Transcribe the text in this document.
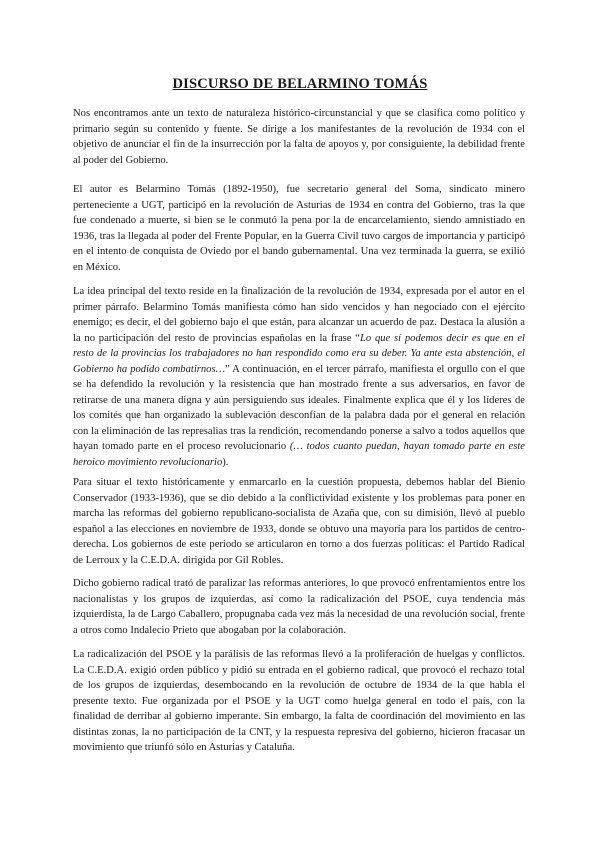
DISCURSO DE BELARMINO TOMÁS

Nos encontramos ante un texto de naturaleza histórico-circunstancial y que se clasifica como político y primario según su contenido y fuente. Se dirige a los manifestantes de la revolución de 1934 con el objetivo de anunciar el fin de la insurrección por la falta de apoyos y, por consiguiente, la debilidad frente al poder del Gobierno.

El autor es Belarmino Tomás (1892-1950), fue secretario general del Soma, sindicato minero perteneciente a UGT, participó en la revolución de Asturias de 1934 en contra del Gobierno, tras la que fue condenado a muerte, si bien se le conmutó la pena por la de encarcelamiento, siendo amnistiado en 1936, tras la llegada al poder del Frente Popular, en la Guerra Civil tuvo cargos de importancia y participó en el intento de conquista de Oviedo por el bando gubernamental. Una vez terminada la guerra, se exilió en México.

La idea principal del texto reside en la finalización de la revolución de 1934, expresada por el autor en el primer párrafo. Belarmino Tomás manifiesta cómo han sido vencidos y han negociado con el ejército enemigo; es decir, el del gobierno bajo el que están, para alcanzar un acuerdo de paz. Destaca la alusión a la no participación del resto de provincias españolas en la frase “Lo que sí podemos decir es que en el resto de la provincias los trabajadores no han respondido como era su deber. Ya ante esta abstención, el Gobierno ha podido combatirnos…” A continuación, en el tercer párrafo, manifiesta el orgullo con el que se ha defendido la revolución y la resistencia que han mostrado frente a sus adversarios, en favor de retirarse de una manera digna y aún persiguiendo sus ideales. Finalmente explica que él y los líderes de los comités que han organizado la sublevación desconfían de la palabra dada por el general en relación con la eliminación de las represalias tras la rendición, recomendando ponerse a salvo a todos aquellos que hayan tomado parte en el proceso revolucionario (… todos cuanto puedan, hayan tomado parte en este heroico movimiento revolucionario).

Para situar el texto históricamente y enmarcarlo en la cuestión propuesta, debemos hablar del Bienio Conservador (1933-1936), que se dio debido a la conflictividad existente y los problemas para poner en marcha las reformas del gobierno republicano-socialista de Azaña que, con su dimisión, llevó al pueblo español a las elecciones en noviembre de 1933, donde se obtuvo una mayoría para los partidos de centro-derecha. Los gobiernos de este periodo se articularon en torno a dos fuerzas políticas: el Partido Radical de Lerroux y la C.E.D.A. dirigida por Gil Robles.

Dicho gobierno radical trató de paralizar las reformas anteriores, lo que provocó enfrentamientos entre los nacionalistas y los grupos de izquierdas, así como la radicalización del PSOE, cuya tendencia más izquierdista, la de Largo Caballero, propugnaba cada vez más la necesidad de una revolución social, frente a otros como Indalecio Prieto que abogaban por la colaboración.

La radicalización del PSOE y la parálisis de las reformas llevó a la proliferación de huelgas y conflictos. La C.E.D.A. exigió orden público y pidió su entrada en el gobierno radical, que provocó el rechazo total de los grupos de izquierdas, desembocando en la revolución de octubre de 1934 de la que habla el presente texto. Fue organizada por el PSOE y la UGT como huelga general en todo el país, con la finalidad de derribar al gobierno imperante. Sin embargo, la falta de coordinación del movimiento en las distintas zonas, la no participación de la CNT, y la respuesta represiva del gobierno, hicieron fracasar un movimiento que triunfó sólo en Asturias y Cataluña.
